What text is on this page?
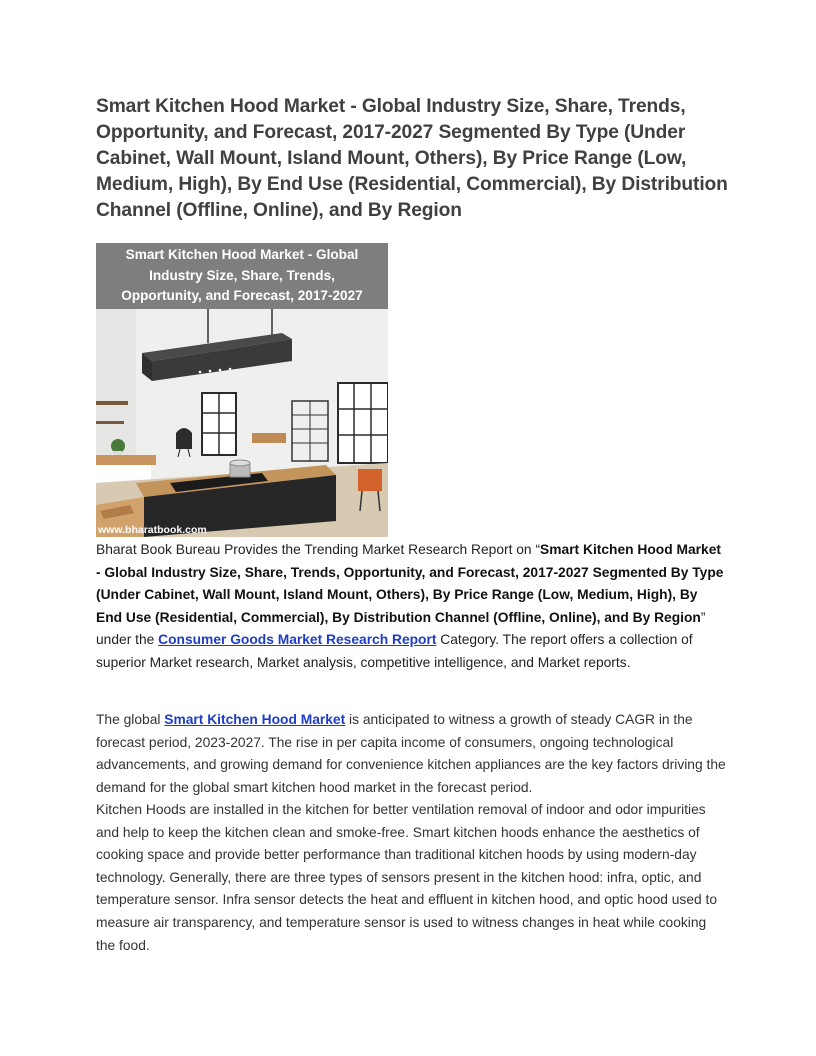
Smart Kitchen Hood Market - Global Industry Size, Share, Trends, Opportunity, and Forecast, 2017-2027 Segmented By Type (Under Cabinet, Wall Mount, Island Mount, Others), By Price Range (Low, Medium, High), By End Use (Residential, Commercial), By Distribution Channel (Offline, Online), and By Region
Smart Kitchen Hood Market - Global
Industry Size, Share, Trends,
Opportunity, and Forecast, 2017-2027
www.bharatbook.com

Bharat Book Bureau Provides the Trending Market Research Report on “Smart Kitchen Hood Market - Global Industry Size, Share, Trends, Opportunity, and Forecast, 2017-2027 Segmented By Type (Under Cabinet, Wall Mount, Island Mount, Others), By Price Range (Low, Medium, High), By End Use (Residential, Commercial), By Distribution Channel (Offline, Online), and By Region” under the Consumer Goods Market Research Report Category. The report offers a collection of superior Market research, Market analysis, competitive intelligence, and Market reports.

The global Smart Kitchen Hood Market is anticipated to witness a growth of steady CAGR in the forecast period, 2023-2027. The rise in per capita income of consumers, ongoing technological advancements, and growing demand for convenience kitchen appliances are the key factors driving the demand for the global smart kitchen hood market in the forecast period.

Kitchen Hoods are installed in the kitchen for better ventilation removal of indoor and odor impurities and help to keep the kitchen clean and smoke-free. Smart kitchen hoods enhance the aesthetics of cooking space and provide better performance than traditional kitchen hoods by using modern-day technology. Generally, there are three types of sensors present in the kitchen hood: infra, optic, and temperature sensor. Infra sensor detects the heat and effluent in kitchen hood, and optic hood used to measure air transparency, and temperature sensor is used to witness changes in heat while cooking the food.
